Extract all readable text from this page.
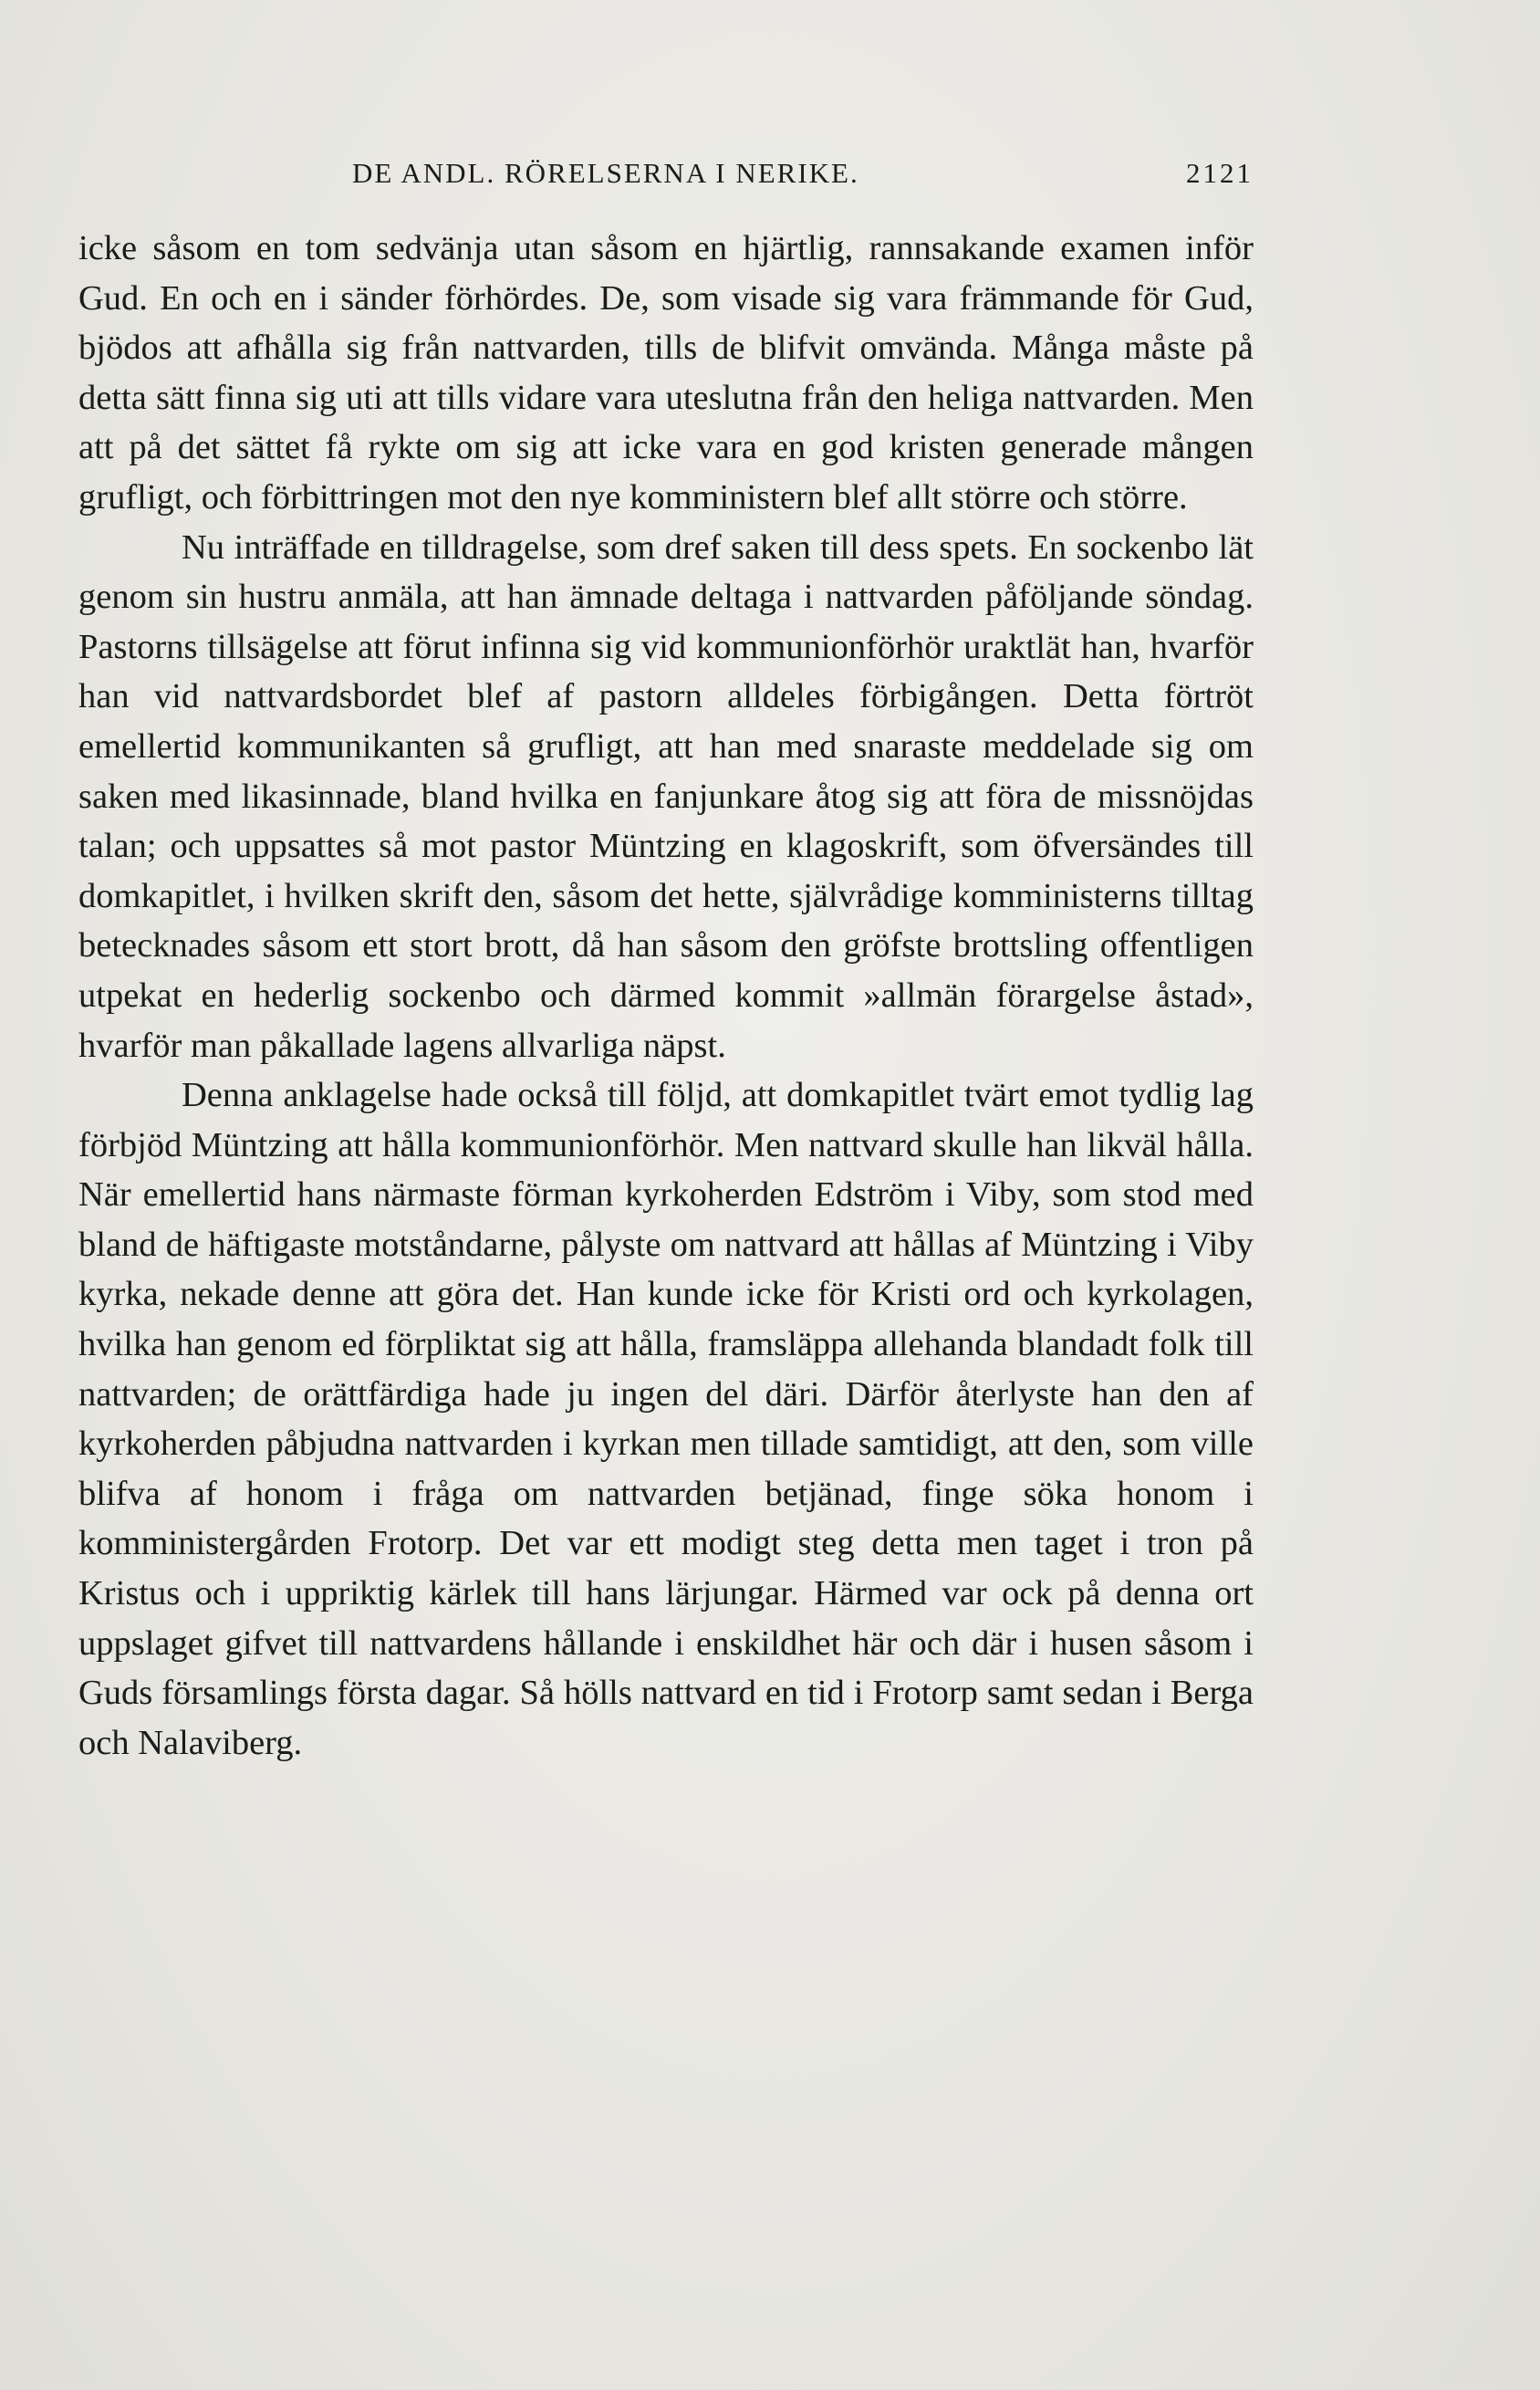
DE ANDL. RÖRELSERNA I NERIKE.	2121

icke såsom en tom sedvänja utan såsom en hjärtlig, rannsakande examen inför Gud. En och en i sänder förhördes. De, som visade sig vara främmande för Gud, bjödos att afhålla sig från nattvarden, tills de blifvit omvända. Många måste på detta sätt finna sig uti att tills vidare vara uteslutna från den heliga nattvarden. Men att på det sättet få rykte om sig att icke vara en god kristen generade mången grufligt, och förbittringen mot den nye komministern blef allt större och större.

Nu inträffade en tilldragelse, som dref saken till dess spets. En sockenbo lät genom sin hustru anmäla, att han ämnade deltaga i nattvarden påföljande söndag. Pastorns tillsägelse att förut infinna sig vid kommunionförhör uraktlät han, hvarför han vid nattvardsbordet blef af pastorn alldeles förbigången. Detta förtröt emellertid kommunikanten så grufligt, att han med snaraste meddelade sig om saken med likasinnade, bland hvilka en fanjunkare åtog sig att föra de missnöjdas talan; och uppsattes så mot pastor Müntzing en klagoskrift, som öfversändes till domkapitlet, i hvilken skrift den, såsom det hette, självrådige komministerns tilltag betecknades såsom ett stort brott, då han såsom den gröfste brottsling offentligen utpekat en hederlig sockenbo och därmed kommit »allmän förargelse åstad», hvarför man påkallade lagens allvarliga näpst.

Denna anklagelse hade också till följd, att domkapitlet tvärt emot tydlig lag förbjöd Müntzing att hålla kommunionförhör. Men nattvard skulle han likväl hålla. När emellertid hans närmaste förman kyrkoherden Edström i Viby, som stod med bland de häftigaste motståndarne, pålyste om nattvard att hållas af Müntzing i Viby kyrka, nekade denne att göra det. Han kunde icke för Kristi ord och kyrkolagen, hvilka han genom ed förpliktat sig att hålla, framsläppa allehanda blandadt folk till nattvarden; de orättfärdiga hade ju ingen del däri. Därför återlyste han den af kyrkoherden påbjudna nattvarden i kyrkan men tillade samtidigt, att den, som ville blifva af honom i fråga om nattvarden betjänad, finge söka honom i komministergården Frotorp. Det var ett modigt steg detta men taget i tron på Kristus och i uppriktig kärlek till hans lärjungar. Härmed var ock på denna ort uppslaget gifvet till nattvardens hållande i enskildhet här och där i husen såsom i Guds församlings första dagar. Så hölls nattvard en tid i Frotorp samt sedan i Berga och Nalaviberg.
